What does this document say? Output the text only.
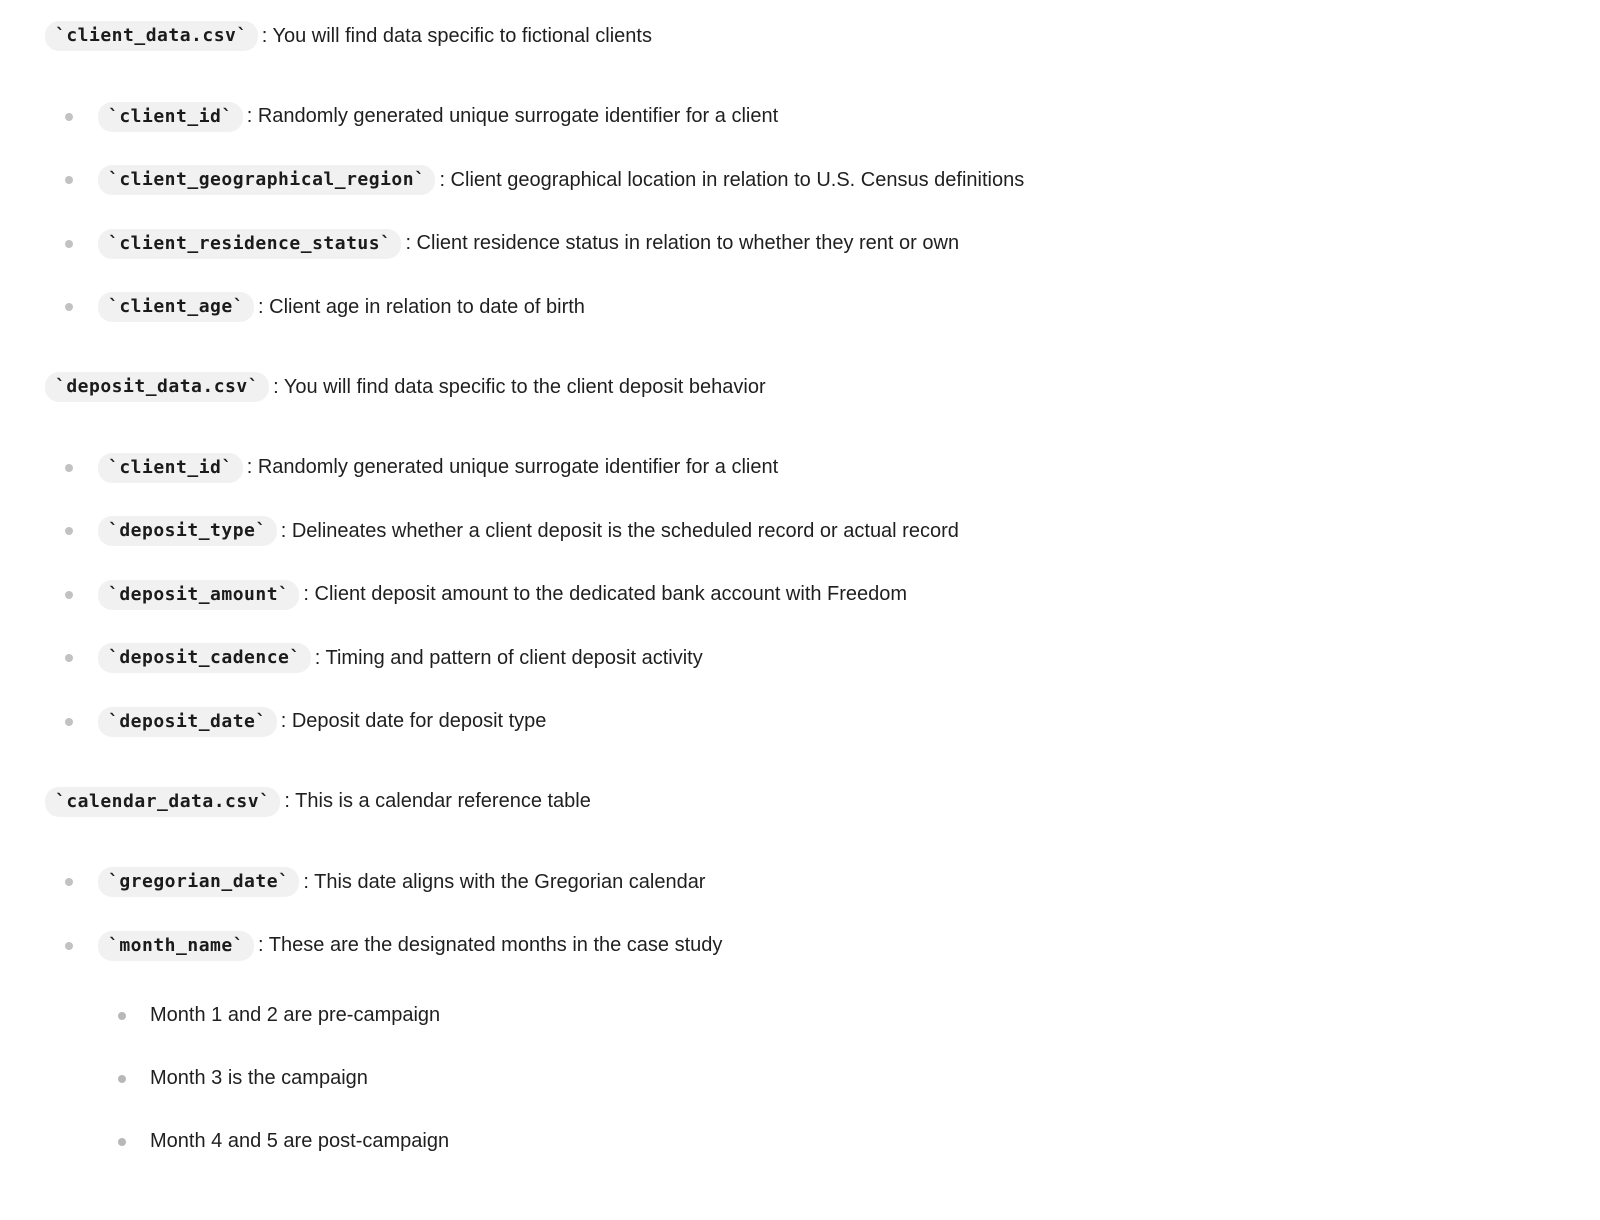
`client_data.csv` : You will find data specific to fictional clients

`client_id` : Randomly generated unique surrogate identifier for a client
`client_geographical_region` : Client geographical location in relation to U.S. Census definitions
`client_residence_status` : Client residence status in relation to whether they rent or own
`client_age` : Client age in relation to date of birth

`deposit_data.csv` : You will find data specific to the client deposit behavior

`client_id` : Randomly generated unique surrogate identifier for a client
`deposit_type` : Delineates whether a client deposit is the scheduled record or actual record
`deposit_amount` : Client deposit amount to the dedicated bank account with Freedom
`deposit_cadence` : Timing and pattern of client deposit activity
`deposit_date` : Deposit date for deposit type

`calendar_data.csv` : This is a calendar reference table

`gregorian_date` : This date aligns with the Gregorian calendar
`month_name` : These are the designated months in the case study
Month 1 and 2 are pre-campaign
Month 3 is the campaign
Month 4 and 5 are post-campaign
